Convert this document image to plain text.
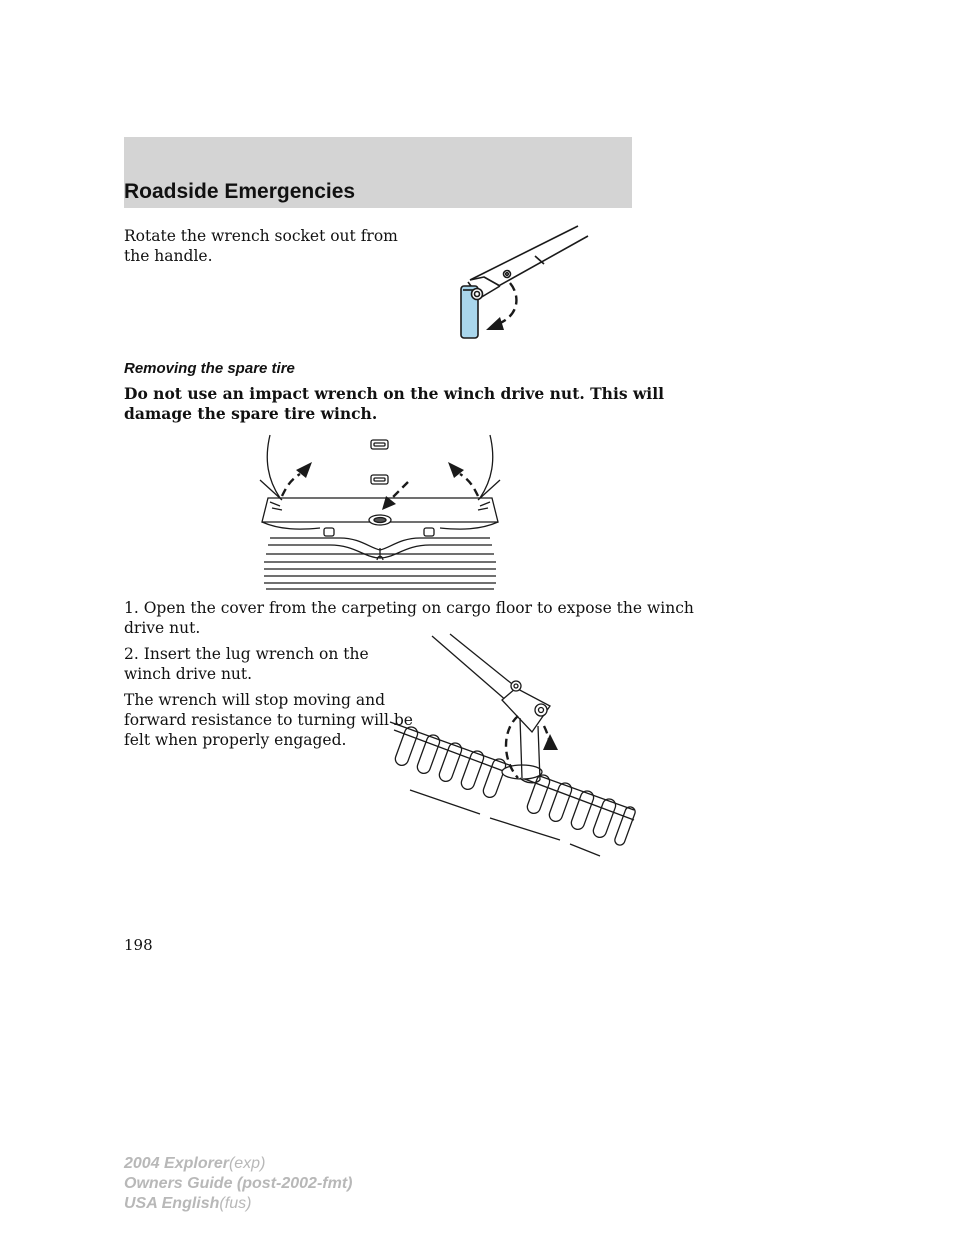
Roadside Emergencies

Rotate the wrench socket out from
the handle.

Removing the spare tire

Do not use an impact wrench on the winch drive nut. This will
damage the spare tire winch.

1. Open the cover from the carpeting on cargo floor to expose the winch
drive nut.

2. Insert the lug wrench on the
winch drive nut.

The wrench will stop moving and
forward resistance to turning will be
felt when properly engaged.

198
2004 Explorer(exp)
Owners Guide (post-2002-fmt)
USA English(fus)
